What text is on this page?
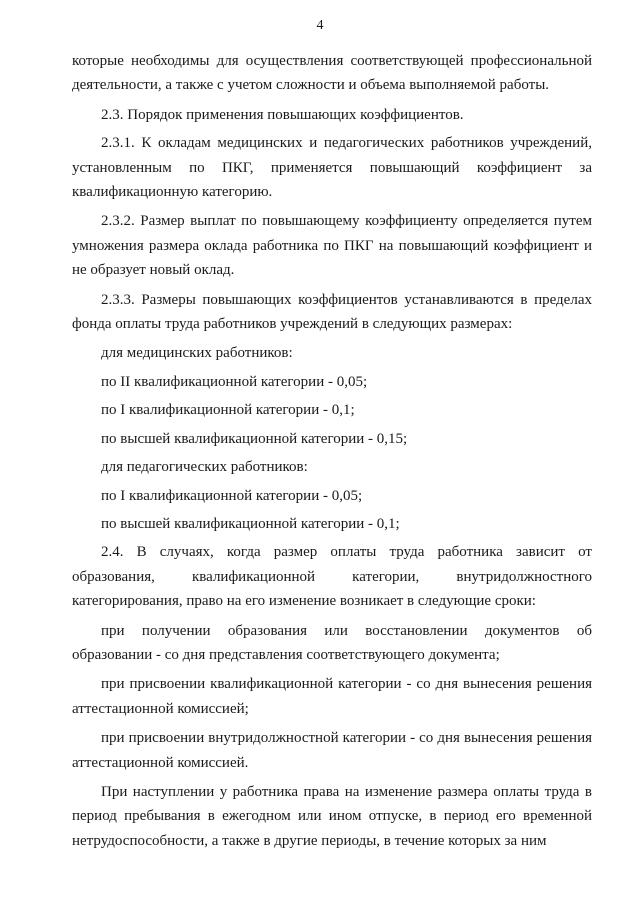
4

которые необходимы для осуществления соответствующей профессиональной деятельности, а также с учетом сложности и объема выполняемой работы.

2.3. Порядок применения повышающих коэффициентов.

2.3.1. К окладам медицинских и педагогических работников учреждений, установленным по ПКГ, применяется повышающий коэффициент за квалификационную категорию.

2.3.2. Размер выплат по повышающему коэффициенту определяется путем умножения размера оклада работника по ПКГ на повышающий коэффициент и не образует новый оклад.

2.3.3. Размеры повышающих коэффициентов устанавливаются в пределах фонда оплаты труда работников учреждений в следующих размерах:

для медицинских работников:

по II квалификационной категории - 0,05;

по I квалификационной категории - 0,1;

по высшей квалификационной категории - 0,15;

для педагогических работников:

по I квалификационной категории - 0,05;

по высшей квалификационной категории - 0,1;

2.4. В случаях, когда размер оплаты труда работника зависит от образования, квалификационной категории, внутридолжностного категорирования, право на его изменение возникает в следующие сроки:

при получении образования или восстановлении документов об образовании - со дня представления соответствующего документа;

при присвоении квалификационной категории - со дня вынесения решения аттестационной комиссией;

при присвоении внутридолжностной категории - со дня вынесения решения аттестационной комиссией.

При наступлении у работника права на изменение размера оплаты труда в период пребывания в ежегодном или ином отпуске, в период его временной нетрудоспособности, а также в другие периоды, в течение которых за ним
